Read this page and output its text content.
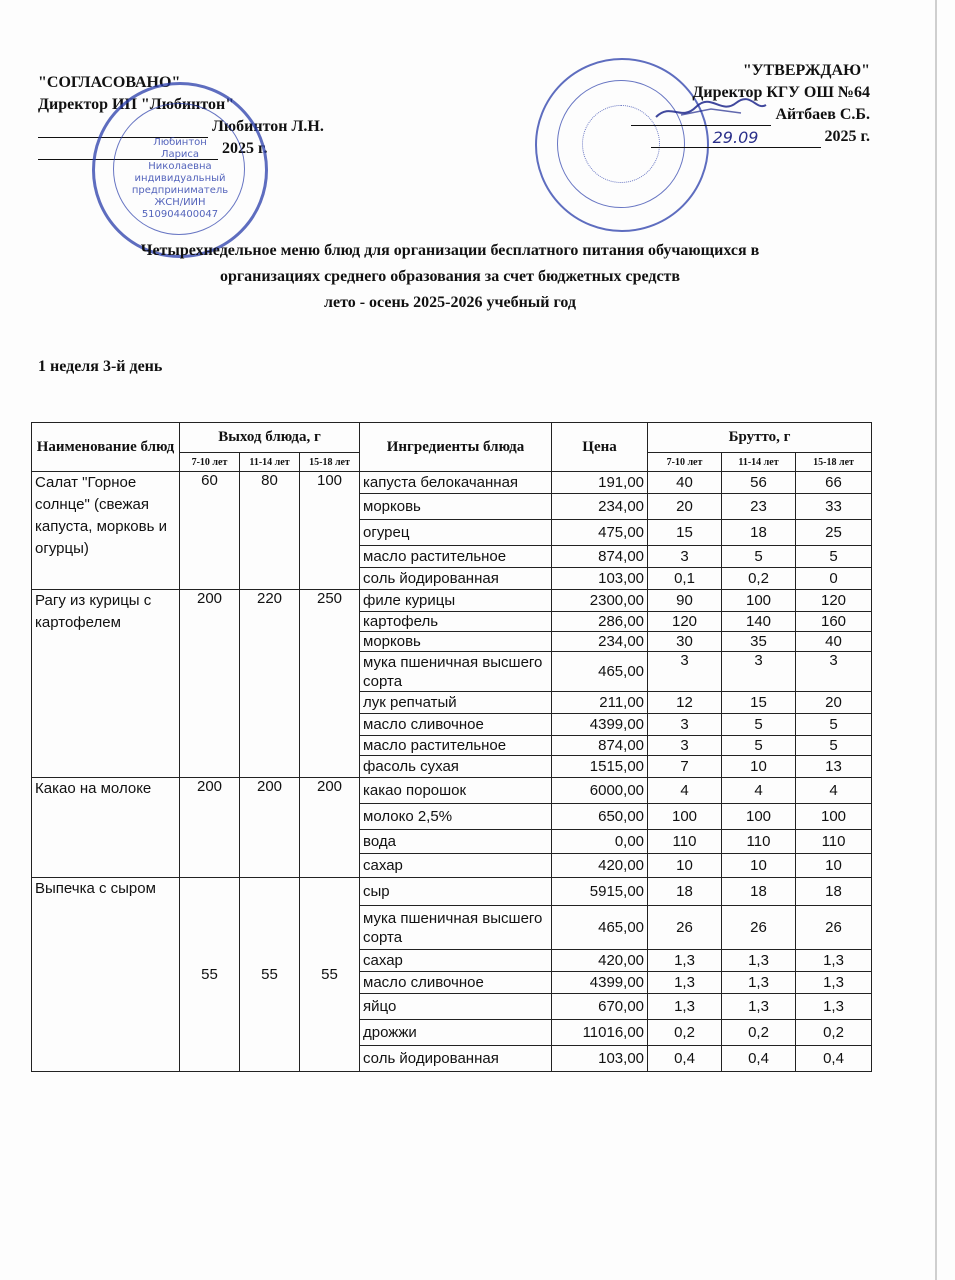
"СОГЛАСОВАНО"
Директор ИП "Любинтон"
Любинтон Л.Н.
2025 г.
Любинтон
Лариса
Николаевна
индивидуальный
предприниматель
ЖСН/ИИН
510904400047
"УТВЕРЖДАЮ"
Директор КГУ ОШ №64
Айтбаев С.Б.
29.09	2025 г.
Четырехнедельное меню блюд для организации бесплатного питания обучающихся в
организациях среднего образования за счет бюджетных средств
лето - осень 2025-2026 учебный год
1 неделя 3-й день
Наименование блюд	Выход блюда, г			Ингредиенты блюда	Цена	Брутто, г		
	7-10 лет	11-14 лет	15-18 лет			7-10 лет	11-14 лет	15-18 лет
Салат "Горное солнце" (свежая капуста, морковь и огурцы)	60	80	100	капуста белокачанная	191,00	40	56	66
				морковь	234,00	20	23	33
				огурец	475,00	15	18	25
				масло растительное	874,00	3	5	5
				соль йодированная	103,00	0,1	0,2	0
Рагу из курицы с картофелем	200	220	250	филе курицы	2300,00	90	100	120
				картофель	286,00	120	140	160
				морковь	234,00	30	35	40
				мука пшеничная высшего сорта	465,00	3	3	3
				лук репчатый	211,00	12	15	20
				масло сливочное	4399,00	3	5	5
				масло растительное	874,00	3	5	5
				фасоль сухая	1515,00	7	10	13
Какао на молоке	200	200	200	какао порошок	6000,00	4	4	4
				молоко 2,5%	650,00	100	100	100
				вода	0,00	110	110	110
				сахар	420,00	10	10	10
Выпечка с сыром	55	55	55	сыр	5915,00	18	18	18
				мука пшеничная высшего сорта	465,00	26	26	26
				сахар	420,00	1,3	1,3	1,3
				масло сливочное	4399,00	1,3	1,3	1,3
				яйцо	670,00	1,3	1,3	1,3
				дрожжи	11016,00	0,2	0,2	0,2
				соль йодированная	103,00	0,4	0,4	0,4
